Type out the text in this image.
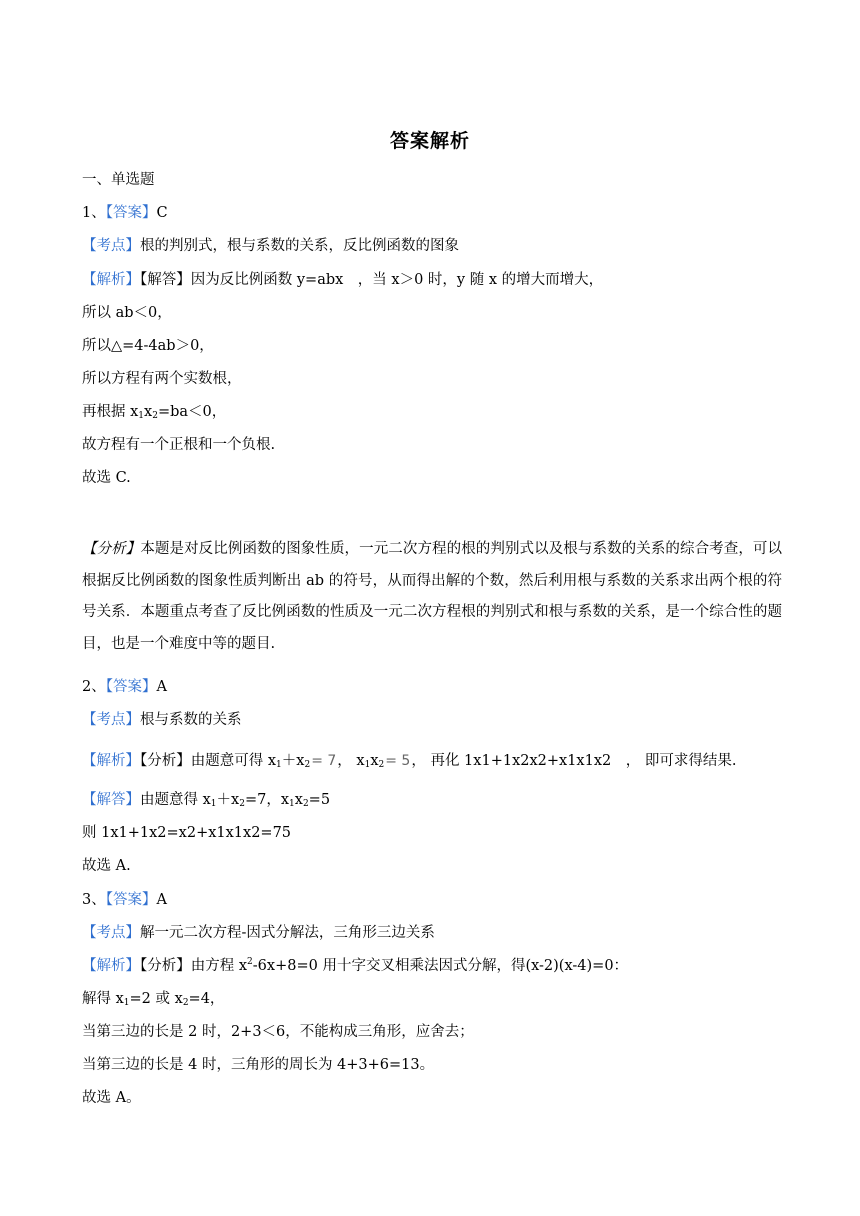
答案解析
一、单选题
1、【答案】C
【考点】根的判别式，根与系数的关系，反比例函数的图象
【解析】【解答】因为反比例函数 y=abx　，当 x＞0 时，y 随 x 的增大而增大，
所以 ab＜0，
所以△=4-4ab＞0，
所以方程有两个实数根，
再根据 $x_1x_2=ba<0$，
故方程有一个正根和一个负根.
故选 C.
【分析】本题是对反比例函数的图象性质，一元二次方程的根的判别式以及根与系数的关系的综合考查，可以根据反比例函数的图象性质判断出 ab 的符号，从而得出解的个数，然后利用根与系数的关系求出两个根的符号关系．本题重点考查了反比例函数的性质及一元二次方程根的判别式和根与系数的关系，是一个综合性的题目，也是一个难度中等的题目.
2、【答案】A
【考点】根与系数的关系
【解析】【分析】由题意可得 $x_1+x_2= 7$， $x_1x_2= 5$， 再化 1x1+1x2x2+x1x1x2　， 即可求得结果.
【解答】由题意得 $x_1+x_2=7$，$x_1x_2=5$
则 1x1+1x2=x2+x1x1x2=75
故选 A.
3、【答案】A
【考点】解一元二次方程-因式分解法，三角形三边关系
【解析】【分析】由方程 $x^2-6x+8=0$ 用十字交叉相乘法因式分解，得(x-2)(x-4)=0：
解得 $x_1=2$ 或 $x_2=4$，
当第三边的长是 2 时，2+3＜6，不能构成三角形，应舍去；
当第三边的长是 4 时，三角形的周长为 4+3+6=13。
故选 A。
